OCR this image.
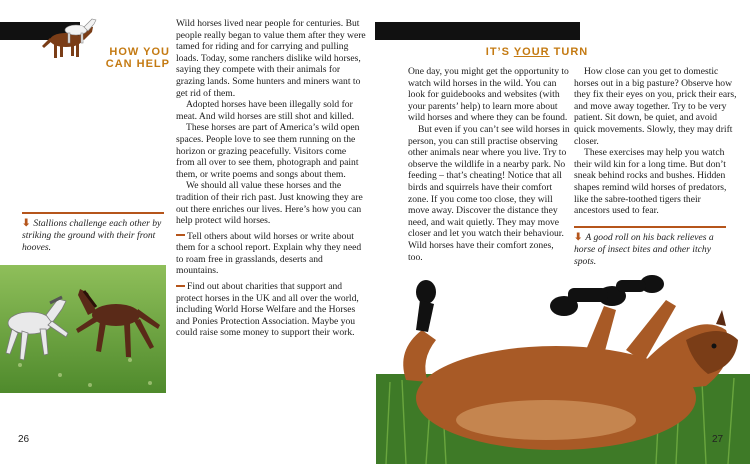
HOW YOU
CAN HELP

Wild horses lived near people for centuries. But people really began to value them after they were tamed for riding and for carrying and pulling loads. Today, some ranchers dislike wild horses, saying they compete with their animals for grazing lands. Some hunters and miners want to get rid of them.

Adopted horses have been illegally sold for meat. And wild horses are still shot and killed.

These horses are part of America’s wild open spaces. People love to see them running on the horizon or grazing peacefully. Visitors come from all over to see them, photograph and paint them, or write poems and songs about them.

We should all value these horses and the tradition of their rich past. Just knowing they are out there enriches our lives. Here’s how you can help protect wild horses.

Tell others about wild horses or write about them for a school report. Explain why they need to roam free in grasslands, deserts and mountains.

Find out about charities that support and protect horses in the UK and all over the world, including World Horse Welfare and the Horses and Ponies Protection Association. Maybe you could raise some money to support their work.

⬇ Stallions challenge each other by striking the ground with their front hooves.
26
IT’S YOUR TURN

One day, you might get the opportunity to watch wild horses in the wild. You can look for guidebooks and websites (with your parents’ help) to learn more about wild horses and where they can be found.

But even if you can’t see wild horses in person, you can still practise observing other animals near where you live. Try to observe the wildlife in a nearby park. No feeding – that’s cheating! Notice that all birds and squirrels have their comfort zone. If you come too close, they will move away. Discover the distance they need, and wait quietly. They may move closer and let you watch their behaviour. Wild horses have their comfort zones, too.

How close can you get to domestic horses out in a big pasture? Observe how they fix their eyes on you, prick their ears, and move away together. Try to be very patient. Sit down, be quiet, and avoid quick movements. Slowly, they may drift closer.

These exercises may help you watch their wild kin for a long time. But don’t sneak behind rocks and bushes. Hidden shapes remind wild horses of predators, like the sabre-toothed tigers their ancestors used to fear.

⬇ A good roll on his back relieves a horse of insect bites and other itchy spots.
27
